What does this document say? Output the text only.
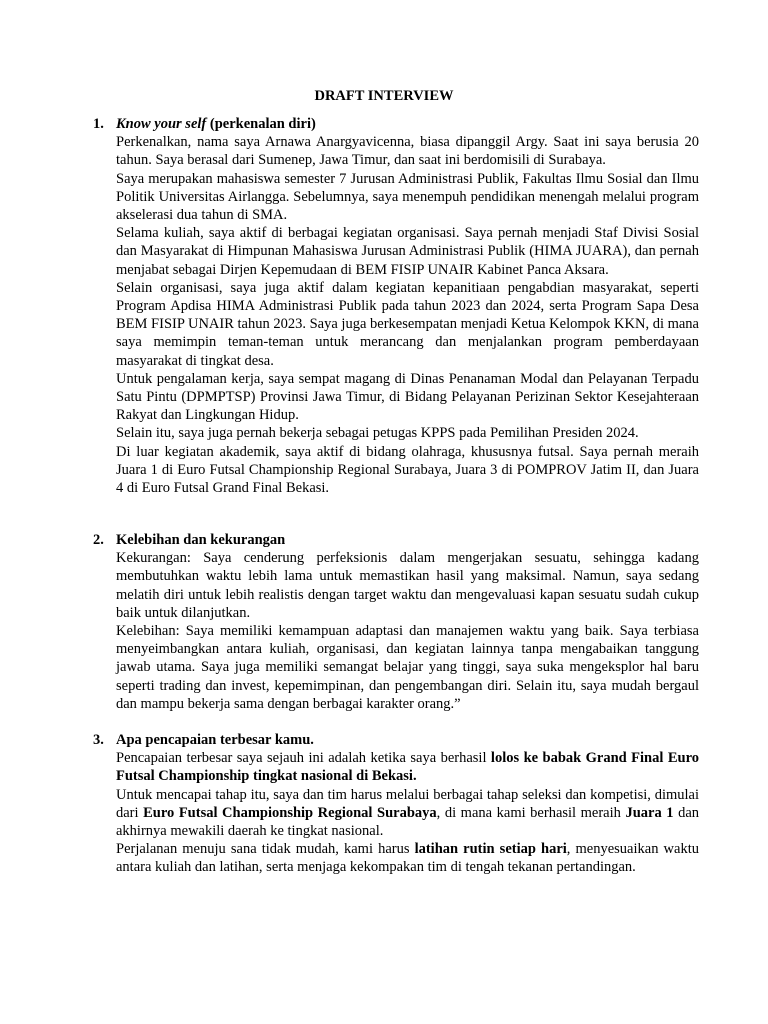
DRAFT INTERVIEW
1. Know your self (perkenalan diri)

Perkenalkan, nama saya Arnawa Anargyavicenna, biasa dipanggil Argy. Saat ini saya berusia 20 tahun. Saya berasal dari Sumenep, Jawa Timur, dan saat ini berdomisili di Surabaya.

Saya merupakan mahasiswa semester 7 Jurusan Administrasi Publik, Fakultas Ilmu Sosial dan Ilmu Politik Universitas Airlangga. Sebelumnya, saya menempuh pendidikan menengah melalui program akselerasi dua tahun di SMA.

Selama kuliah, saya aktif di berbagai kegiatan organisasi. Saya pernah menjadi Staf Divisi Sosial dan Masyarakat di Himpunan Mahasiswa Jurusan Administrasi Publik (HIMA JUARA), dan pernah menjabat sebagai Dirjen Kepemudaan di BEM FISIP UNAIR Kabinet Panca Aksara.

Selain organisasi, saya juga aktif dalam kegiatan kepanitiaan pengabdian masyarakat, seperti Program Apdisa HIMA Administrasi Publik pada tahun 2023 dan 2024, serta Program Sapa Desa BEM FISIP UNAIR tahun 2023. Saya juga berkesempatan menjadi Ketua Kelompok KKN, di mana saya memimpin teman-teman untuk merancang dan menjalankan program pemberdayaan masyarakat di tingkat desa.

Untuk pengalaman kerja, saya sempat magang di Dinas Penanaman Modal dan Pelayanan Terpadu Satu Pintu (DPMPTSP) Provinsi Jawa Timur, di Bidang Pelayanan Perizinan Sektor Kesejahteraan Rakyat dan Lingkungan Hidup.

Selain itu, saya juga pernah bekerja sebagai petugas KPPS pada Pemilihan Presiden 2024.

Di luar kegiatan akademik, saya aktif di bidang olahraga, khususnya futsal. Saya pernah meraih Juara 1 di Euro Futsal Championship Regional Surabaya, Juara 3 di POMPROV Jatim II, dan Juara 4 di Euro Futsal Grand Final Bekasi.

2. Kelebihan dan kekurangan

Kekurangan: Saya cenderung perfeksionis dalam mengerjakan sesuatu, sehingga kadang membutuhkan waktu lebih lama untuk memastikan hasil yang maksimal. Namun, saya sedang melatih diri untuk lebih realistis dengan target waktu dan mengevaluasi kapan sesuatu sudah cukup baik untuk dilanjutkan.

Kelebihan: Saya memiliki kemampuan adaptasi dan manajemen waktu yang baik. Saya terbiasa menyeimbangkan antara kuliah, organisasi, dan kegiatan lainnya tanpa mengabaikan tanggung jawab utama. Saya juga memiliki semangat belajar yang tinggi, saya suka mengeksplor hal baru seperti trading dan invest, kepemimpinan, dan pengembangan diri. Selain itu, saya mudah bergaul dan mampu bekerja sama dengan berbagai karakter orang.”

3. Apa pencapaian terbesar kamu.

Pencapaian terbesar saya sejauh ini adalah ketika saya berhasil lolos ke babak Grand Final Euro Futsal Championship tingkat nasional di Bekasi.

Untuk mencapai tahap itu, saya dan tim harus melalui berbagai tahap seleksi dan kompetisi, dimulai dari Euro Futsal Championship Regional Surabaya, di mana kami berhasil meraih Juara 1 dan akhirnya mewakili daerah ke tingkat nasional.

Perjalanan menuju sana tidak mudah, kami harus latihan rutin setiap hari, menyesuaikan waktu antara kuliah dan latihan, serta menjaga kekompakan tim di tengah tekanan pertandingan.
